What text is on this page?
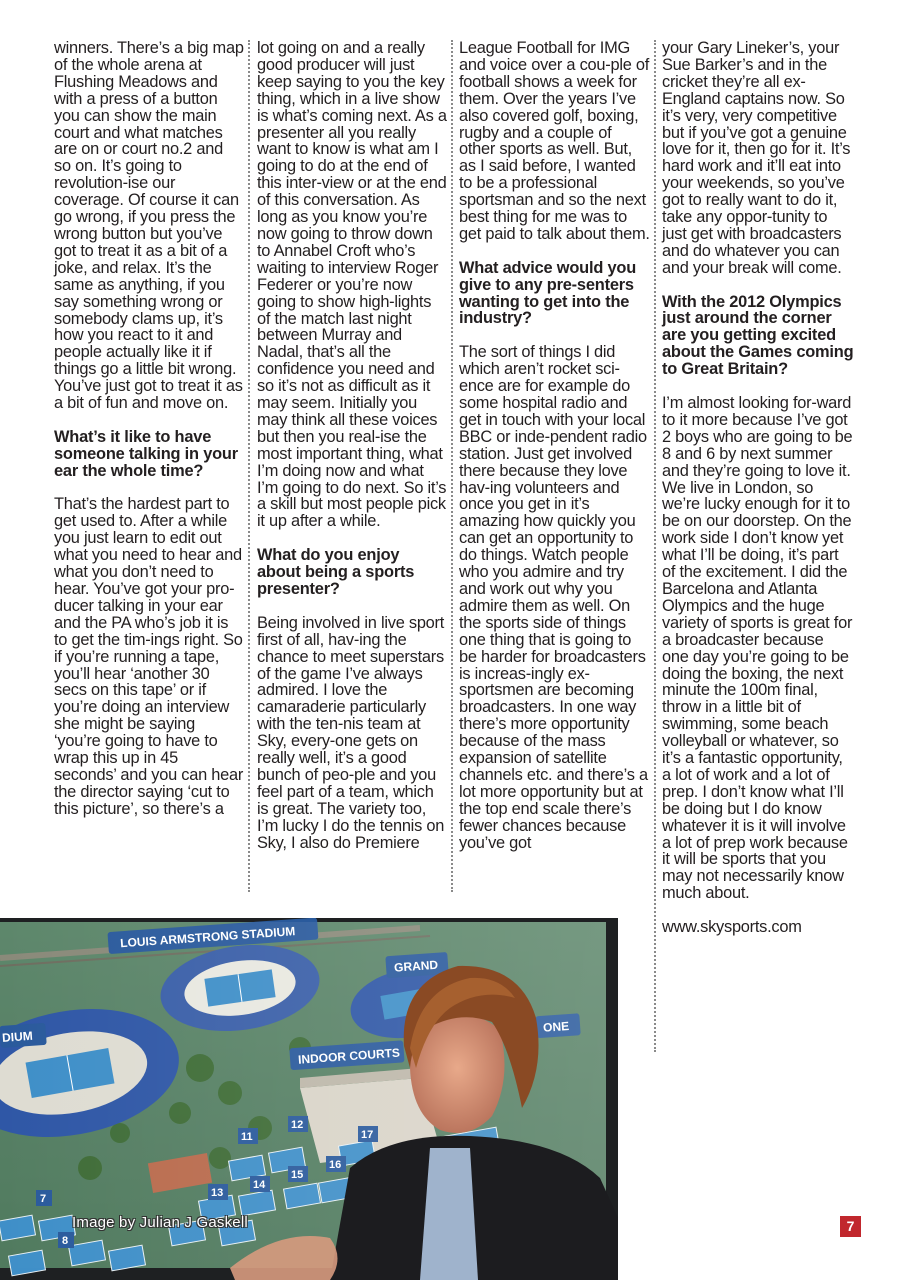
winners. There’s a big map of the whole arena at Flushing Meadows and with a press of a button you can show the main court and what matches are on or court no.2 and so on. It’s going to revolution-ise our coverage. Of course it can go wrong, if you press the wrong button but you’ve got to treat it as a bit of a joke, and relax. It’s the same as anything, if you say something wrong or somebody clams up, it’s how you react to it and people actually like it if things go a little bit wrong. You’ve just got to treat it as a bit of fun and move on.

What’s it like to have someone talking in your ear the whole time?

That’s the hardest part to get used to. After a while you just learn to edit out what you need to hear and what you don’t need to hear. You’ve got your pro-ducer talking in your ear and the PA who’s job it is to get the tim-ings right. So if you’re running a tape, you’ll hear ‘another 30 secs on this tape’ or if you’re doing an interview she might be saying ‘you’re going to have to wrap this up in 45 seconds’ and you can hear the director saying ‘cut to this picture’, so there’s a

lot going on and a really good producer will just keep saying to you the key thing, which in a live show is what’s coming next. As a presenter all you really want to know is what am I going to do at the end of this inter-view or at the end of this conversation. As long as you know you’re now going to throw down to Annabel Croft who’s waiting to interview Roger Federer or you’re now going to show high-lights of the match last night between Murray and Nadal, that’s all the confidence you need and so it’s not as difficult as it may seem. Initially you may think all these voices but then you real-ise the most important thing, what I’m doing now and what I’m going to do next. So it’s a skill but most people pick it up after a while.

What do you enjoy about being a sports presenter?

Being involved in live sport first of all, hav-ing the chance to meet superstars of the game I’ve always admired. I love the camaraderie particularly with the ten-nis team at Sky, every-one gets on really well, it’s a good bunch of peo-ple and you feel part of a team, which is great. The variety too, I’m lucky I do the tennis on Sky, I also do Premiere

League Football for IMG and voice over a cou-ple of football shows a week for them. Over the years I’ve also covered golf, boxing, rugby and a couple of other sports as well. But, as I said before, I wanted to be a professional sportsman and so the next best thing for me was to get paid to talk about them.

What advice would you give to any pre-senters wanting to get into the industry?

The sort of things I did which aren’t rocket sci-ence are for example do some hospital radio and get in touch with your local BBC or inde-pendent radio station. Just get involved there because they love hav-ing volunteers and once you get in it’s amazing how quickly you can get an opportunity to do things. Watch people who you admire and try and work out why you admire them as well. On the sports side of things one thing that is going to be harder for broadcasters is increas-ingly ex-sportsmen are becoming broadcasters. In one way there’s more opportunity because of the mass expansion of satellite channels etc. and there’s a lot more opportunity but at the top end scale there’s fewer chances because you’ve got

your Gary Lineker’s, your Sue Barker’s and in the cricket they’re all ex-England captains now. So it’s very, very competitive but if you’ve got a genuine love for it, then go for it. It’s hard work and it’ll eat into your weekends, so you’ve got to really want to do it, take any oppor-tunity to just get with broadcasters and do whatever you can and your break will come.

With the 2012 Olympics just around the corner are you getting excited about the Games coming to Great Britain?

I’m almost looking for-ward to it more because I’ve got 2 boys who are going to be 8 and 6 by next summer and they’re going to love it. We live in London, so we’re lucky enough for it to be on our doorstep. On the work side I don’t know yet what I’ll be doing, it’s part of the excitement. I did the Barcelona and Atlanta Olympics and the huge variety of sports is great for a broadcaster because one day you’re going to be doing the boxing, the next minute the 100m final, throw in a little bit of swimming, some beach volleyball or whatever, so it’s a fantastic opportunity, a lot of work and a lot of prep. I don’t know what I’ll be doing but I do know whatever it is it will involve a lot of prep work because it will be sports that you may not necessarily know much about.

www.skysports.com

Image by Julian J Gaskell	7
